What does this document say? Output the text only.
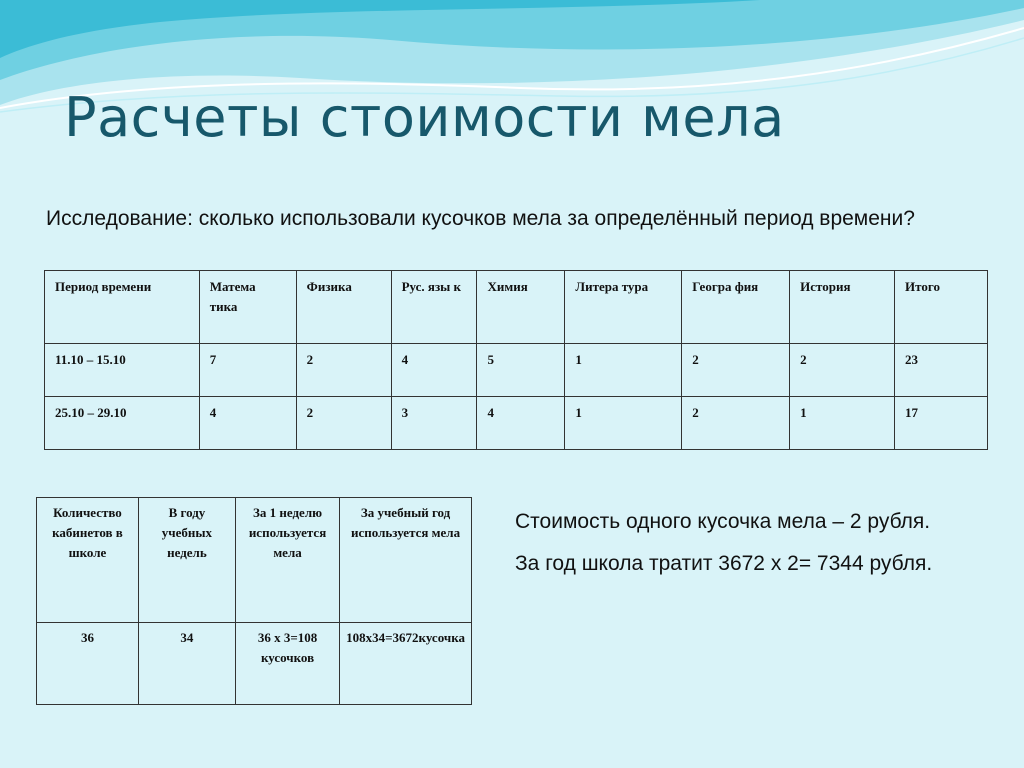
Расчеты стоимости мела
Исследование: сколько использовали кусочков мела за определённый период времени?
Период времени	Матема тика	Физика	Рус. язы к	Химия	Литера тура	Геогра фия	История	Итого
11.10 – 15.10	7	2	4	5	1	2	2	23
25.10 – 29.10	4	2	3	4	1	2	1	17
Количество кабинетов в школе	В году учебных недель	За 1 неделю используется мела	За учебный год используется мела
36	34	36 х 3=108 кусочков	108х34=3672кусочка

Стоимость одного кусочка мела – 2 рубля.

За год школа тратит 3672 х 2= 7344 рубля.
